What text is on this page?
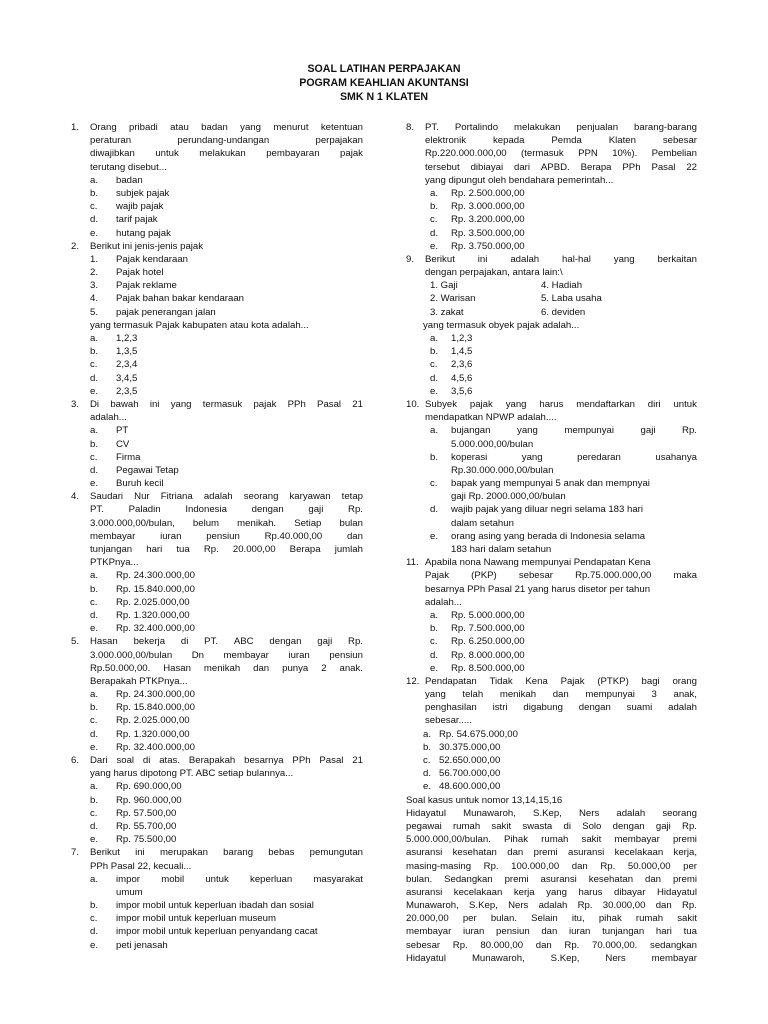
SOAL LATIHAN PERPAJAKAN
POGRAM KEAHLIAN AKUNTANSI
SMK N 1 KLATEN
1. Orang pribadi atau badan yang menurut ketentuan
peraturan	perundang-undangan	perpajakan
diwajibkan untuk melakukan pembayaran pajak
terutang disebut...
a. badan
b. subjek pajak
c. wajib pajak
d. tarif pajak
e. hutang pajak
2. Berikut ini jenis-jenis pajak
1. Pajak kendaraan
2. Pajak hotel
3. Pajak reklame
4. Pajak bahan bakar kendaraan
5. pajak penerangan jalan
yang termasuk Pajak kabupaten atau kota adalah...
a. 1,2,3
b. 1,3,5
c. 2,3,4
d. 3,4,5
e. 2,3,5
3. Di bawah ini yang termasuk pajak PPh Pasal 21
adalah...
a. PT
b. CV
c. Firma
d. Pegawai Tetap
e. Buruh kecil
4. Saudari Nur Fitriana adalah seorang karyawan tetap
PT.	Paladin	Indonesia	dengan	gaji	Rp.
3.000.000,00/bulan, belum menikah. Setiap bulan
membayar	iuran	pensiun	Rp.40.000,00	dan
tunjangan hari tua Rp. 20.000,00 Berapa jumlah
PTKPnya...
a. Rp. 24.300.000,00
b. Rp. 15.840.000,00
c. Rp. 2.025.000,00
d. Rp. 1.320.000,00
e. Rp. 32.400.000,00
5. Hasan bekerja di PT. ABC dengan gaji Rp.
3.000.000,00/bulan Dn membayar iuran pensiun
Rp.50.000,00. Hasan menikah dan punya 2 anak.
Berapakah PTKPnya...
a. Rp. 24.300.000,00
b. Rp. 15.840.000,00
c. Rp. 2.025.000,00
d. Rp. 1.320.000,00
e. Rp. 32.400.000,00
6. Dari soal di atas. Berapakah besarnya PPh Pasal 21
yang harus dipotong PT. ABC setiap bulannya...
a. Rp. 690.000,00
b. Rp. 960.000,00
c. Rp. 57.500,00
d. Rp. 55.700,00
e. Rp. 75.500,00
7. Berikut ini merupakan barang bebas pemungutan
PPh Pasal 22, kecuali...
a. impor mobil untuk keperluan masyarakat
umum
b. impor mobil untuk keperluan ibadah dan sosial
c. impor mobil untuk keperluan museum
d. impor mobil untuk keperluan penyandang cacat
e. peti jenasah
8. PT. Portalindo melakukan penjualan barang-barang
elektronik	kepada	Pemda	Klaten	sebesar
Rp.220.000.000,00 (termasuk PPN 10%). Pembelian
tersebut dibiayai dari APBD. Berapa PPh Pasal 22
yang dipungut oleh bendahara pemerintah...
a. Rp. 2.500.000,00
b. Rp. 3.000.000,00
c. Rp. 3.200.000,00
d. Rp. 3.500.000,00
e. Rp. 3.750.000,00
9. Berikut ini adalah hal-hal yang berkaitan
dengan perpajakan, antara lain:\
1. Gaji	4. Hadiah
2. Warisan	5. Laba usaha
3. zakat	6. deviden
yang termasuk obyek pajak adalah...
a. 1,2,3
b. 1,4,5
c. 2,3,6
d. 4,5,6
e. 3,5,6
10. Subyek pajak yang harus mendaftarkan diri untuk
mendapatkan NPWP adalah....
a. bujangan	yang	mempunyai	gaji	Rp.
5.000.000,00/bulan
b. koperasi	yang	peredaran	usahanya
Rp.30.000.000,00/bulan
c. bapak yang mempunyai 5 anak dan mempnyai
gaji Rp. 2000.000,00/bulan
d. wajib pajak yang diluar negri selama 183 hari
dalam setahun
e. orang asing yang berada di Indonesia selama
183 hari dalam setahun
11. Apabila nona Nawang mempunyai Pendapatan Kena
Pajak (PKP) sebesar Rp.75.000.000,00 maka
besarnya PPh Pasal 21 yang harus disetor per tahun
adalah...
a. Rp. 5.000.000,00
b. Rp. 7.500.000,00
c. Rp. 6.250.000,00
d. Rp. 8.000.000,00
e. Rp. 8.500.000,00
12. Pendapatan Tidak Kena Pajak (PTKP) bagi orang
yang telah menikah dan mempunyai 3 anak,
penghasilan istri digabung dengan suami adalah
sebesar.....
a. Rp. 54.675.000,00
b. 30.375.000,00
c. 52.650.000,00
d. 56.700.000,00
e. 48.600.000,00
Soal kasus untuk nomor 13,14,15,16
Hidayatul Munawaroh, S.Kep, Ners adalah seorang
pegawai rumah sakit swasta di Solo dengan gaji Rp.
5.000.000,00/bulan. Pihak rumah sakit membayar premi
asuransi kesehatan dan premi asuransi kecelakaan kerja,
masing-masing Rp. 100.000,00 dan Rp. 50.000,00 per
bulan. Sedangkan premi asuransi kesehatan dan premi
asuransi kecelakaan kerja yang harus dibayar Hidayatul
Munawaroh, S.Kep, Ners adalah Rp. 30.000,00 dan Rp.
20.000,00 per bulan. Selain itu, pihak rumah sakit
membayar iuran pensiun dan iuran tunjangan hari tua
sebesar Rp. 80.000,00 dan Rp. 70.000,00. sedangkan
Hidayatul	Munawaroh,	S.Kep,	Ners	membayar
